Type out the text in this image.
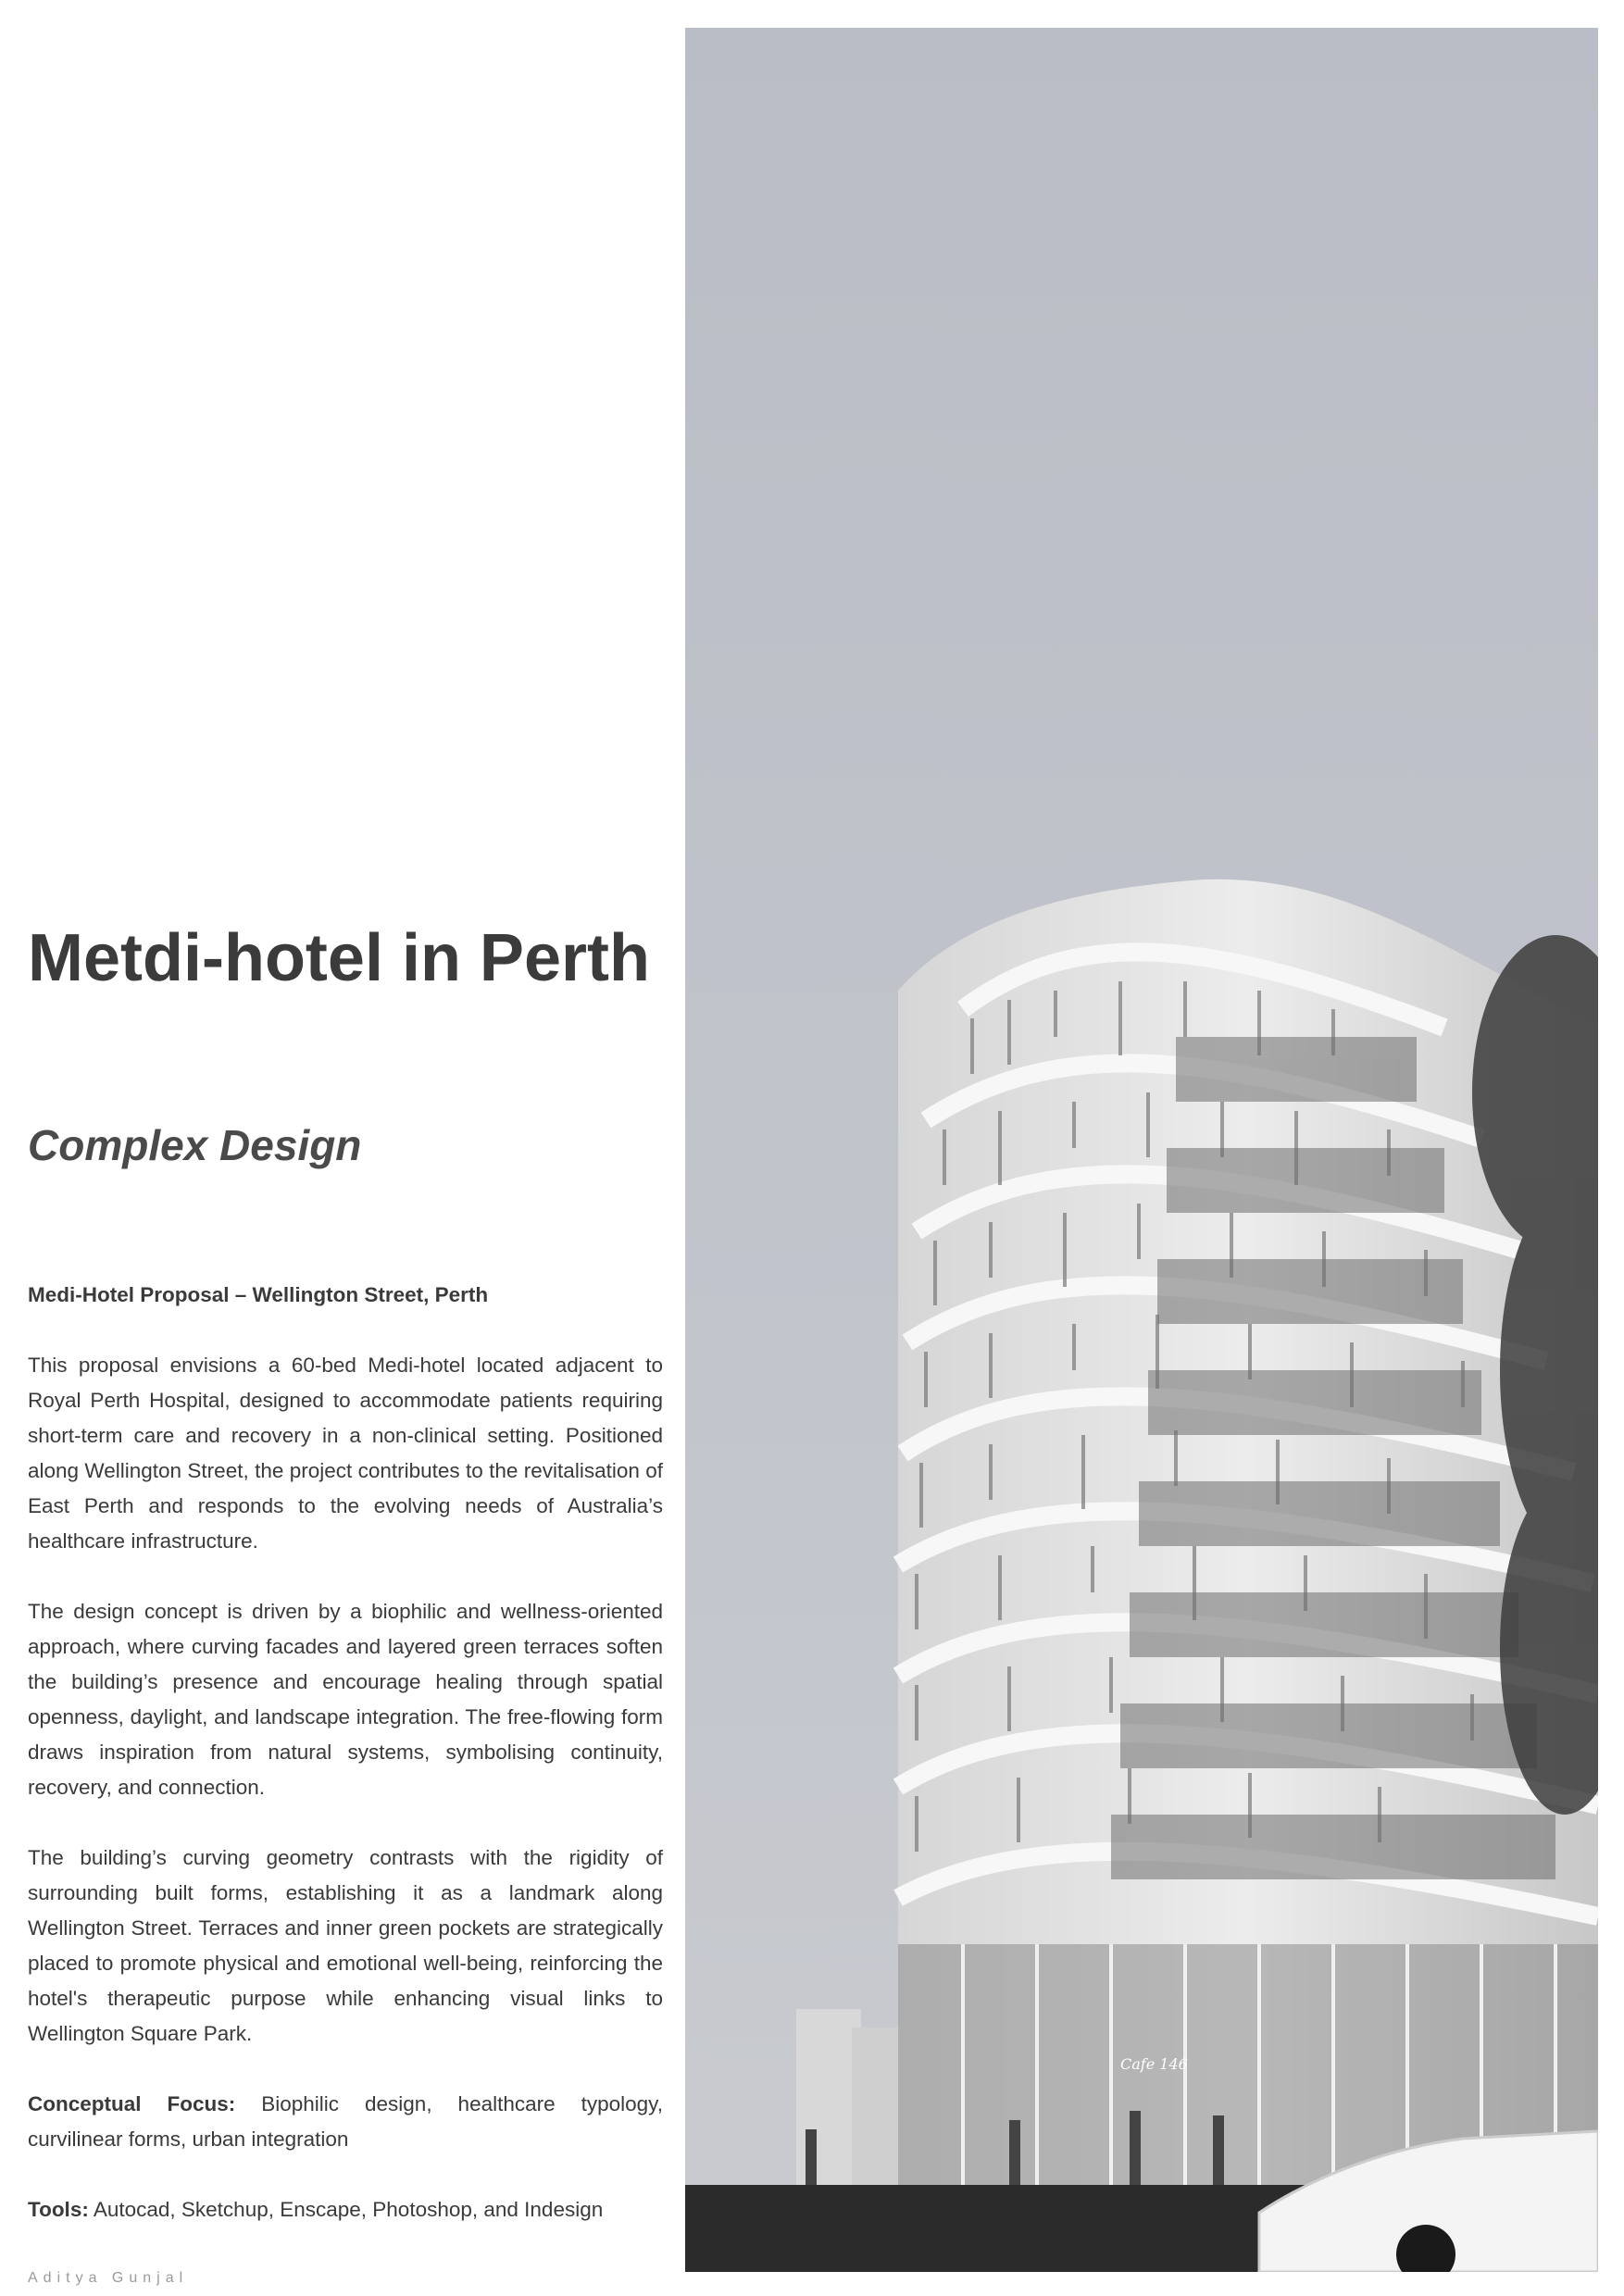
Metdi-hotel in Perth
Complex Design

Medi-Hotel Proposal – Wellington Street, Perth

This proposal envisions a 60-bed Medi-hotel located adjacent to Royal Perth Hospital, designed to accommodate patients requiring short-term care and recovery in a non-clinical setting. Positioned along Wellington Street, the project contributes to the revitalisation of East Perth and responds to the evolving needs of Australia’s healthcare infrastructure.

The design concept is driven by a biophilic and wellness-oriented approach, where curving facades and layered green terraces soften the building’s presence and encourage healing through spatial openness, daylight, and landscape integration. The free-flowing form draws inspiration from natural systems, symbolising continuity, recovery, and connection.

The building’s curving geometry contrasts with the rigidity of surrounding built forms, establishing it as a landmark along Wellington Street. Terraces and inner green pockets are strategically placed to promote physical and emotional well-being, reinforcing the hotel's therapeutic purpose while enhancing visual links to Wellington Square Park.

Conceptual Focus: Biophilic design, healthcare typology, curvilinear forms, urban integration

Tools: Autocad, Sketchup, Enscape, Photoshop, and Indesign

Aditya Gunjal
Cafe 146
